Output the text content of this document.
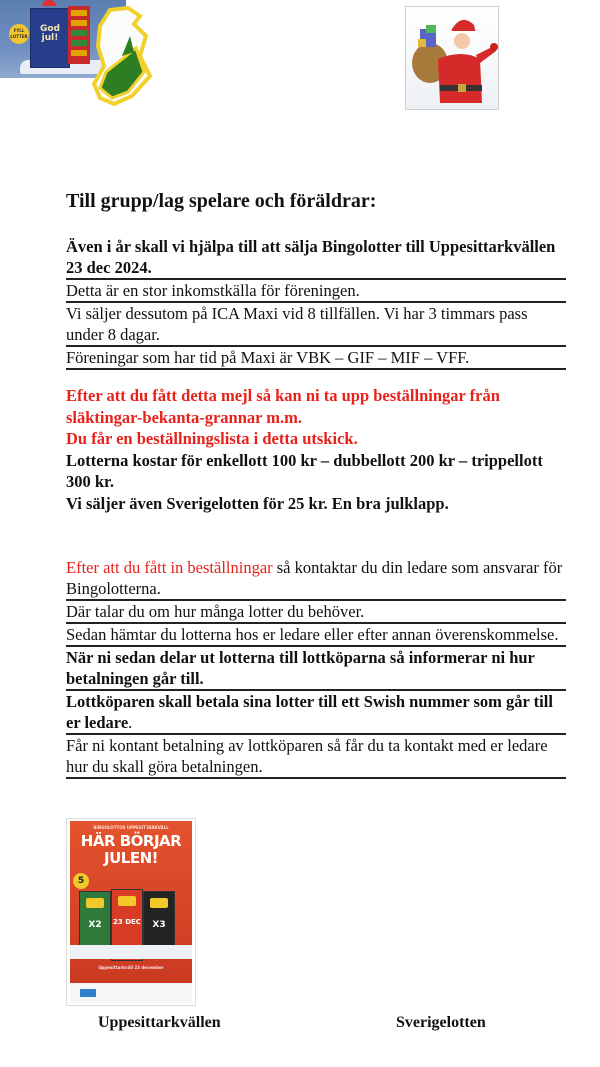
God
jul!
FYLL
LOTTER
Till grupp/lag spelare och föräldrar:
Även i år skall vi hjälpa till att sälja Bingolotter till Uppesittarkvällen 23 dec 2024.
Detta är en stor inkomstkälla för föreningen.
Vi säljer dessutom på ICA Maxi vid 8 tillfällen. Vi har 3 timmars pass under 8 dagar.
Föreningar som har tid på Maxi är VBK – GIF – MIF – VFF.
Efter att du fått detta mejl så kan ni ta upp beställningar från släktingar-bekanta-grannar m.m.
Du får en beställningslista i detta utskick.
Lotterna kostar för enkellott 100 kr – dubbellott 200 kr – trippellott 300 kr.
Vi säljer även Sverigelotten för 25 kr. En bra julklapp.
Efter att du fått in beställningar så kontaktar du din ledare som ansvarar för Bingolotterna.
Där talar du om hur många lotter du behöver.
Sedan hämtar du lotterna hos er ledare eller efter annan överenskommelse.
När ni sedan delar ut lotterna till lottköparna så informerar ni hur betalningen går till.
Lottköparen skall betala sina lotter till ett Swish nummer som går till er ledare.
Får ni kontant betalning av lottköparen så får du ta kontakt med er ledare hur du skall göra betalningen.
BINGOLOTTOS UPPESITTARKVÄLL
HÄR BÖRJAR
JULEN!
5
X2	X3
23 DEC
Uppesittarkväll 23 december
Uppesittarkvällen	Sverigelotten
